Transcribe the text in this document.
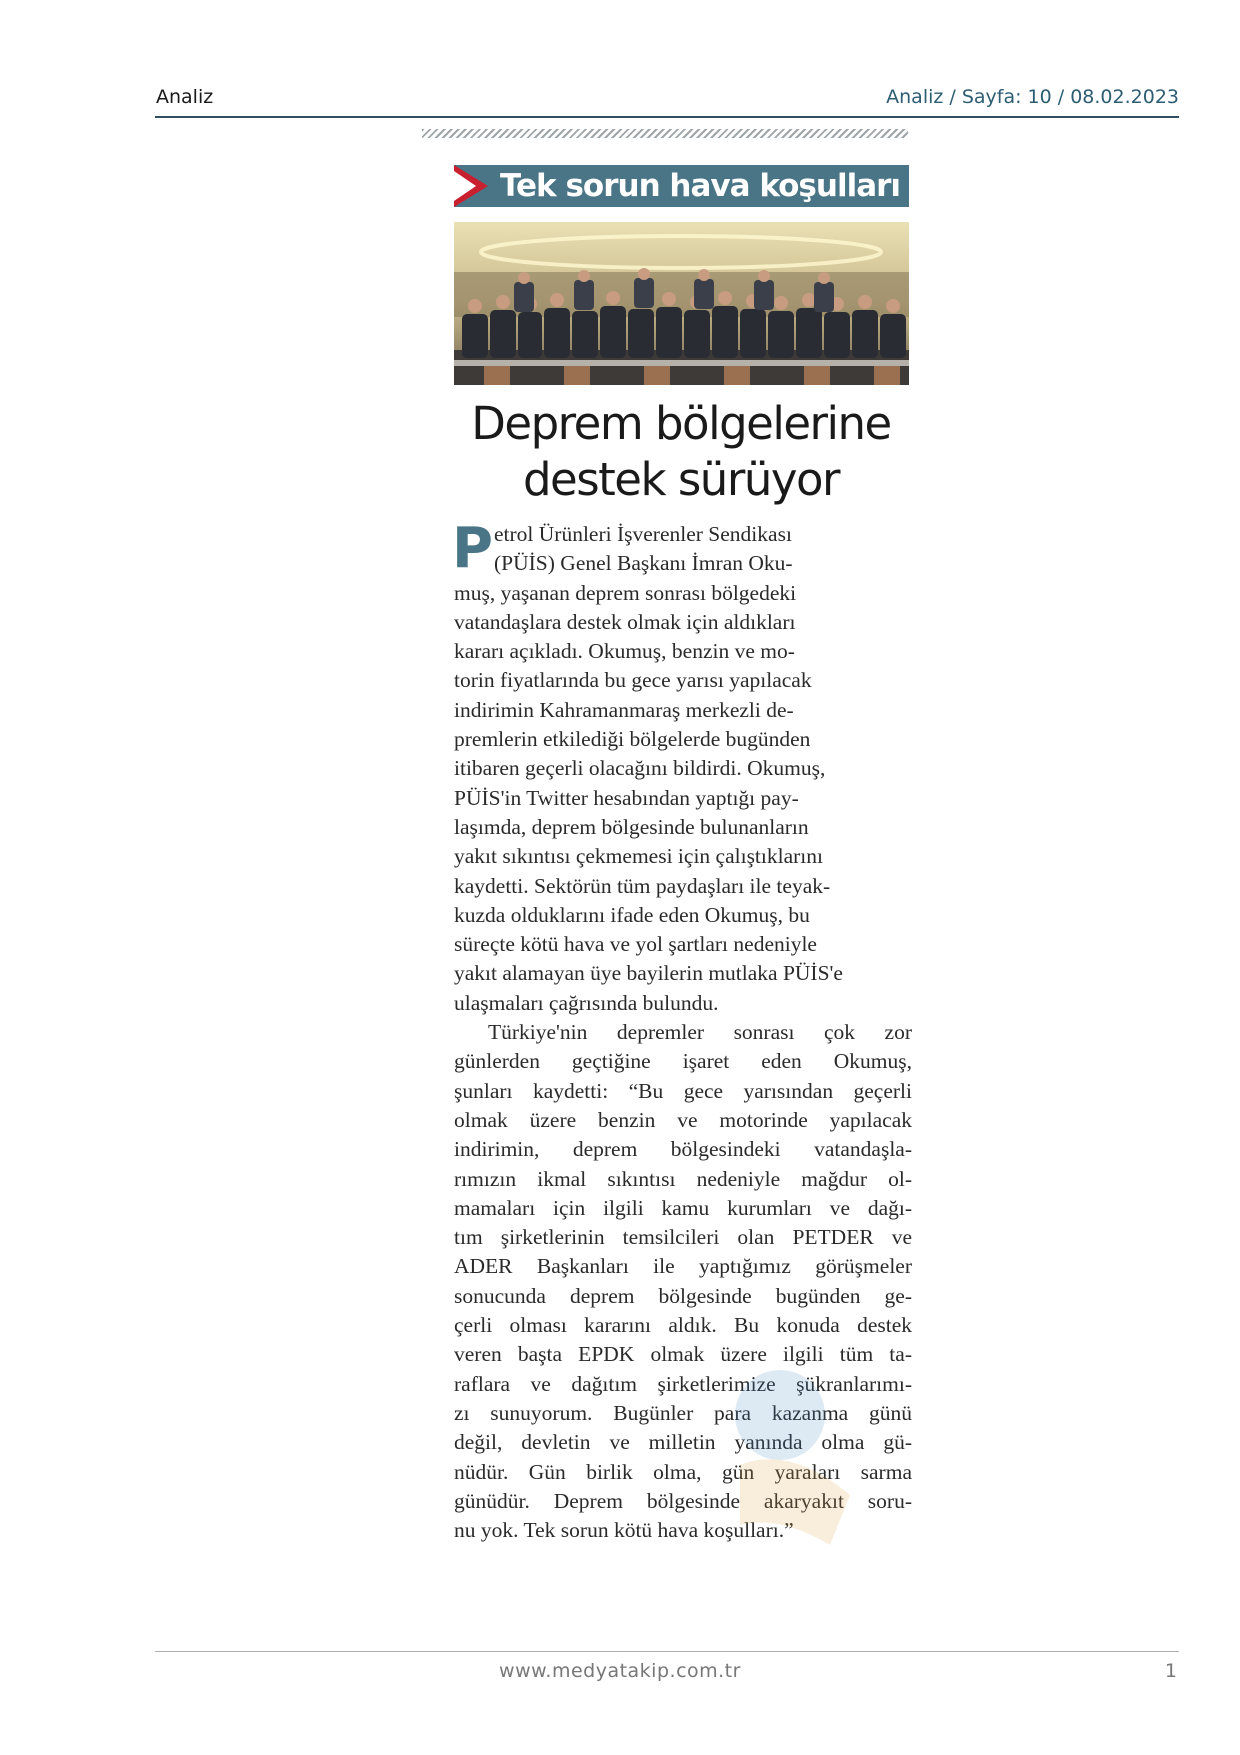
Analiz	Analiz / Sayfa: 10 / 08.02.2023
Tek sorun hava koşulları
Deprem bölgelerine
destek sürüyor
P etrol Ürünleri İşverenler Sendikası
(PÜİS) Genel Başkanı İmran Oku-
muş, yaşanan deprem sonrası bölgedeki
vatandaşlara destek olmak için aldıkları
kararı açıkladı. Okumuş, benzin ve mo-
torin fiyatlarında bu gece yarısı yapılacak
indirimin Kahramanmaraş merkezli de-
premlerin etkilediği bölgelerde bugünden
itibaren geçerli olacağını bildirdi. Okumuş,
PÜİS'in Twitter hesabından yaptığı pay-
laşımda, deprem bölgesinde bulunanların
yakıt sıkıntısı çekmemesi için çalıştıklarını
kaydetti. Sektörün tüm paydaşları ile teyak-
kuzda olduklarını ifade eden Okumuş, bu
süreçte kötü hava ve yol şartları nedeniyle
yakıt alamayan üye bayilerin mutlaka PÜİS'e
ulaşmaları çağrısında bulundu.
Türkiye'nin depremler sonrası çok zor
günlerden geçtiğine işaret eden Okumuş,
şunları kaydetti: “Bu gece yarısından geçerli
olmak üzere benzin ve motorinde yapılacak
indirimin, deprem bölgesindeki vatandaşla-
rımızın ikmal sıkıntısı nedeniyle mağdur ol-
mamaları için ilgili kamu kurumları ve dağı-
tım şirketlerinin temsilcileri olan PETDER ve
ADER Başkanları ile yaptığımız görüşmeler
sonucunda deprem bölgesinde bugünden ge-
çerli olması kararını aldık. Bu konuda destek
veren başta EPDK olmak üzere ilgili tüm ta-
raflara ve dağıtım şirketlerimize şükranlarımı-
zı sunuyorum. Bugünler para kazanma günü
değil, devletin ve milletin yanında olma gü-
nüdür. Gün birlik olma, gün yaraları sarma
günüdür. Deprem bölgesinde akaryakıt soru-
nu yok. Tek sorun kötü hava koşulları.”
www.medyatakip.com.tr	1
